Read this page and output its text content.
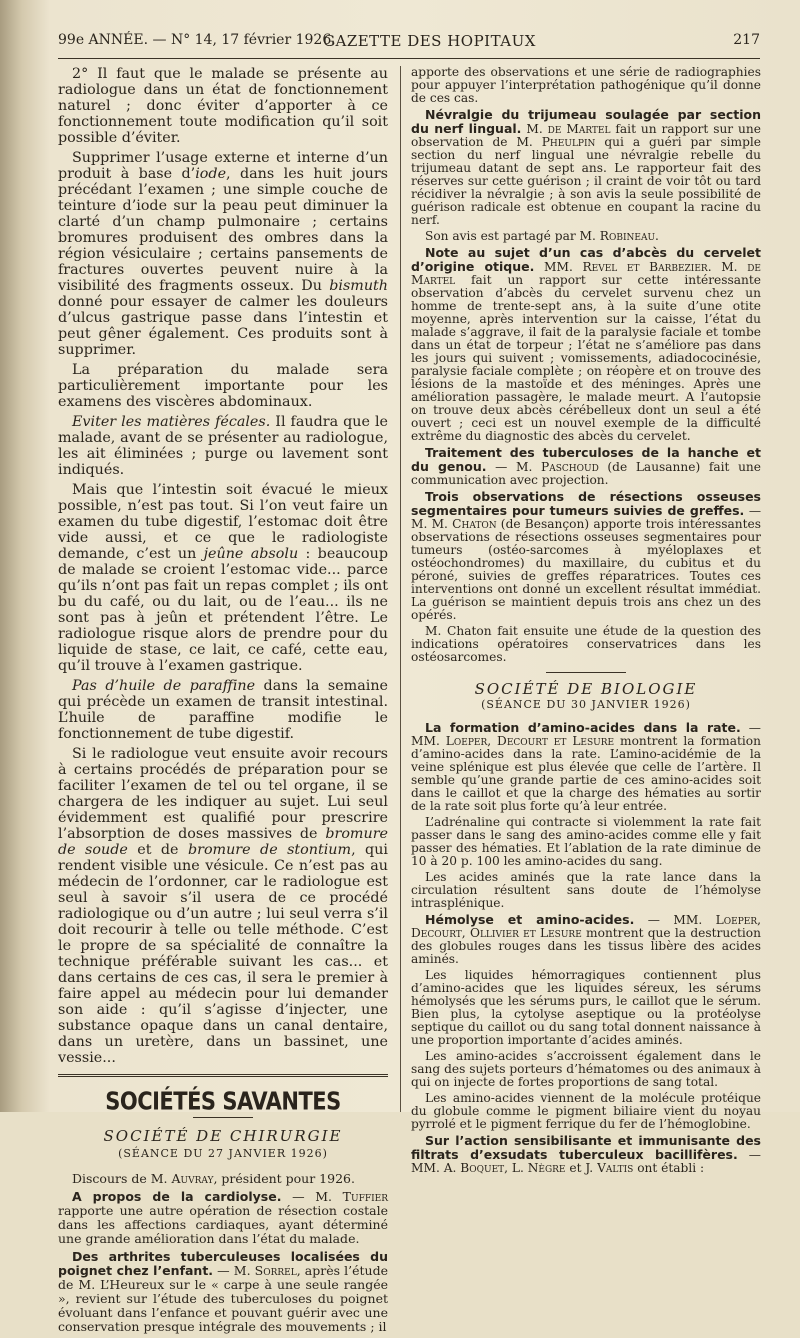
99e ANNÉE. — N° 14, 17 février 1926.
GAZETTE DES HOPITAUX	217

2° Il faut que le malade se présente au radiologue dans un état de fonctionnement naturel ; donc éviter d’apporter à ce fonctionnement toute modification qu’il soit possible d’éviter.

Supprimer l’usage externe et interne d’un produit à base d’iode, dans les huit jours précédant l’examen ; une simple couche de teinture d’iode sur la peau peut diminuer la clarté d’un champ pulmonaire ; certains bromures produisent des ombres dans la région vésiculaire ; certains pansements de fractures ouvertes peuvent nuire à la visibilité des fragments osseux. Du bismuth donné pour essayer de calmer les douleurs d’ulcus gastrique passe dans l’intestin et peut gêner également. Ces produits sont à supprimer.

La préparation du malade sera particulièrement importante pour les examens des viscères abdominaux.

Eviter les matières fécales. Il faudra que le malade, avant de se présenter au radiologue, les ait éliminées ; purge ou lavement sont indiqués.

Mais que l’intestin soit évacué le mieux possible, n’est pas tout. Si l’on veut faire un examen du tube digestif, l’estomac doit être vide aussi, et ce que le radiologiste demande, c’est un jeûne absolu : beaucoup de malade se croient l’estomac vide... parce qu’ils n’ont pas fait un repas complet ; ils ont bu du café, ou du lait, ou de l’eau... ils ne sont pas à jeûn et prétendent l’être. Le radiologue risque alors de prendre pour du liquide de stase, ce lait, ce café, cette eau, qu’il trouve à l’examen gastrique.

Pas d’huile de paraffine dans la semaine qui précède un examen de transit intestinal. L’huile de paraffine modifie le fonctionnement de tube digestif.

Si le radiologue veut ensuite avoir recours à certains procédés de préparation pour se faciliter l’examen de tel ou tel organe, il se chargera de les indiquer au sujet. Lui seul évidemment est qualifié pour prescrire l’absorption de doses massives de bromure de soude et de bromure de stontium, qui rendent visible une vésicule. Ce n’est pas au médecin de l’ordonner, car le radiologue est seul à savoir s’il usera de ce procédé radiologique ou d’un autre ; lui seul verra s’il doit recourir à telle ou telle méthode. C’est le propre de sa spécialité de connaître la technique préférable suivant les cas... et dans certains de ces cas, il sera le premier à faire appel au médecin pour lui demander son aide : qu’il s’agisse d’injecter, une substance opaque dans un canal dentaire, dans un uretère, dans un bassinet, une vessie...

SOCIÉTÉS SAVANTES
SOCIÉTÉ DE CHIRURGIE
(SÉANCE DU 27 JANVIER 1926)

Discours de M. Auvray, président pour 1926.

A propos de la cardiolyse. — M. Tuffier rapporte une autre opération de résection costale dans les affections cardiaques, ayant déterminé une grande amélioration dans l’état du malade.

Des arthrites tuberculeuses localisées du poignet chez l’enfant. — M. Sorrel, après l’étude de M. L’Heureux sur le « carpe à une seule rangée », revient sur l’étude des tuberculoses du poignet évoluant dans l’enfance et pouvant guérir avec une conservation presque intégrale des mouvements ; il

apporte des observations et une série de radiographies pour appuyer l’interprétation pathogénique qu’il donne de ces cas.

Névralgie du trijumeau soulagée par section du nerf lingual. M. de Martel fait un rapport sur une observation de M. Pheulpin qui a guéri par simple section du nerf lingual une névralgie rebelle du trijumeau datant de sept ans. Le rapporteur fait des réserves sur cette guérison ; il craint de voir tôt ou tard récidiver la névralgie ; à son avis la seule possibilité de guérison radicale est obtenue en coupant la racine du nerf.

Son avis est partagé par M. Robineau.

Note au sujet d’un cas d’abcès du cervelet d’origine otique. MM. Revel et Barbezier. M. de Martel fait un rapport sur cette intéressante observation d’abcès du cervelet survenu chez un homme de trente-sept ans, à la suite d’une otite moyenne, après intervention sur la caisse, l’état du malade s’aggrave, il fait de la paralysie faciale et tombe dans un état de torpeur ; l’état ne s’améliore pas dans les jours qui suivent ; vomissements, adiadococinésie, paralysie faciale complète ; on réopère et on trouve des lésions de la mastoïde et des méninges. Après une amélioration passagère, le malade meurt. A l’autopsie on trouve deux abcès cérébelleux dont un seul a été ouvert ; ceci est un nouvel exemple de la difficulté extrême du diagnostic des abcès du cervelet.

Traitement des tuberculoses de la hanche et du genou. — M. Paschoud (de Lausanne) fait une communication avec projection.

Trois observations de résections osseuses segmentaires pour tumeurs suivies de greffes. — M. M. Chaton (de Besançon) apporte trois intéressantes observations de résections osseuses segmentaires pour tumeurs (ostéo-sarcomes à myéloplaxes et ostéochondromes) du maxillaire, du cubitus et du péroné, suivies de greffes réparatrices. Toutes ces interventions ont donné un excellent résultat immédiat. La guérison se maintient depuis trois ans chez un des opérés.

M. Chaton fait ensuite une étude de la question des indications opératoires conservatrices dans les ostéosarcomes.

SOCIÉTÉ DE BIOLOGIE
(SÉANCE DU 30 JANVIER 1926)

La formation d’amino-acides dans la rate. — MM. Loeper, Decourt et Lesure montrent la formation d’amino-acides dans la rate. L’amino-acidémie de la veine splénique est plus élevée que celle de l’artère. Il semble qu’une grande partie de ces amino-acides soit dans le caillot et que la charge des hématies au sortir de la rate soit plus forte qu’à leur entrée.

L’adrénaline qui contracte si violemment la rate fait passer dans le sang des amino-acides comme elle y fait passer des hématies. Et l’ablation de la rate diminue de 10 à 20 p. 100 les amino-acides du sang.

Les acides aminés que la rate lance dans la circulation résultent sans doute de l’hémolyse intrasplénique.

Hémolyse et amino-acides. — MM. Loeper, Decourt, Ollivier et Lesure montrent que la destruction des globules rouges dans les tissus libère des acides aminés.

Les liquides hémorragiques contiennent plus d’amino-acides que les liquides séreux, les sérums hémolysés que les sérums purs, le caillot que le sérum. Bien plus, la cytolyse aseptique ou la protéolyse septique du caillot ou du sang total donnent naissance à une proportion importante d’acides aminés.

Les amino-acides s’accroissent également dans le sang des sujets porteurs d’hématomes ou des animaux à qui on injecte de fortes proportions de sang total.

Les amino-acides viennent de la molécule protéique du globule comme le pigment biliaire vient du noyau pyrrolé et le pigment ferrique du fer de l’hémoglobine.

Sur l’action sensibilisante et immunisante des filtrats d’exsudats tuberculeux bacillifères. — MM. A. Boquet, L. Nègre et J. Valtis ont établi :
